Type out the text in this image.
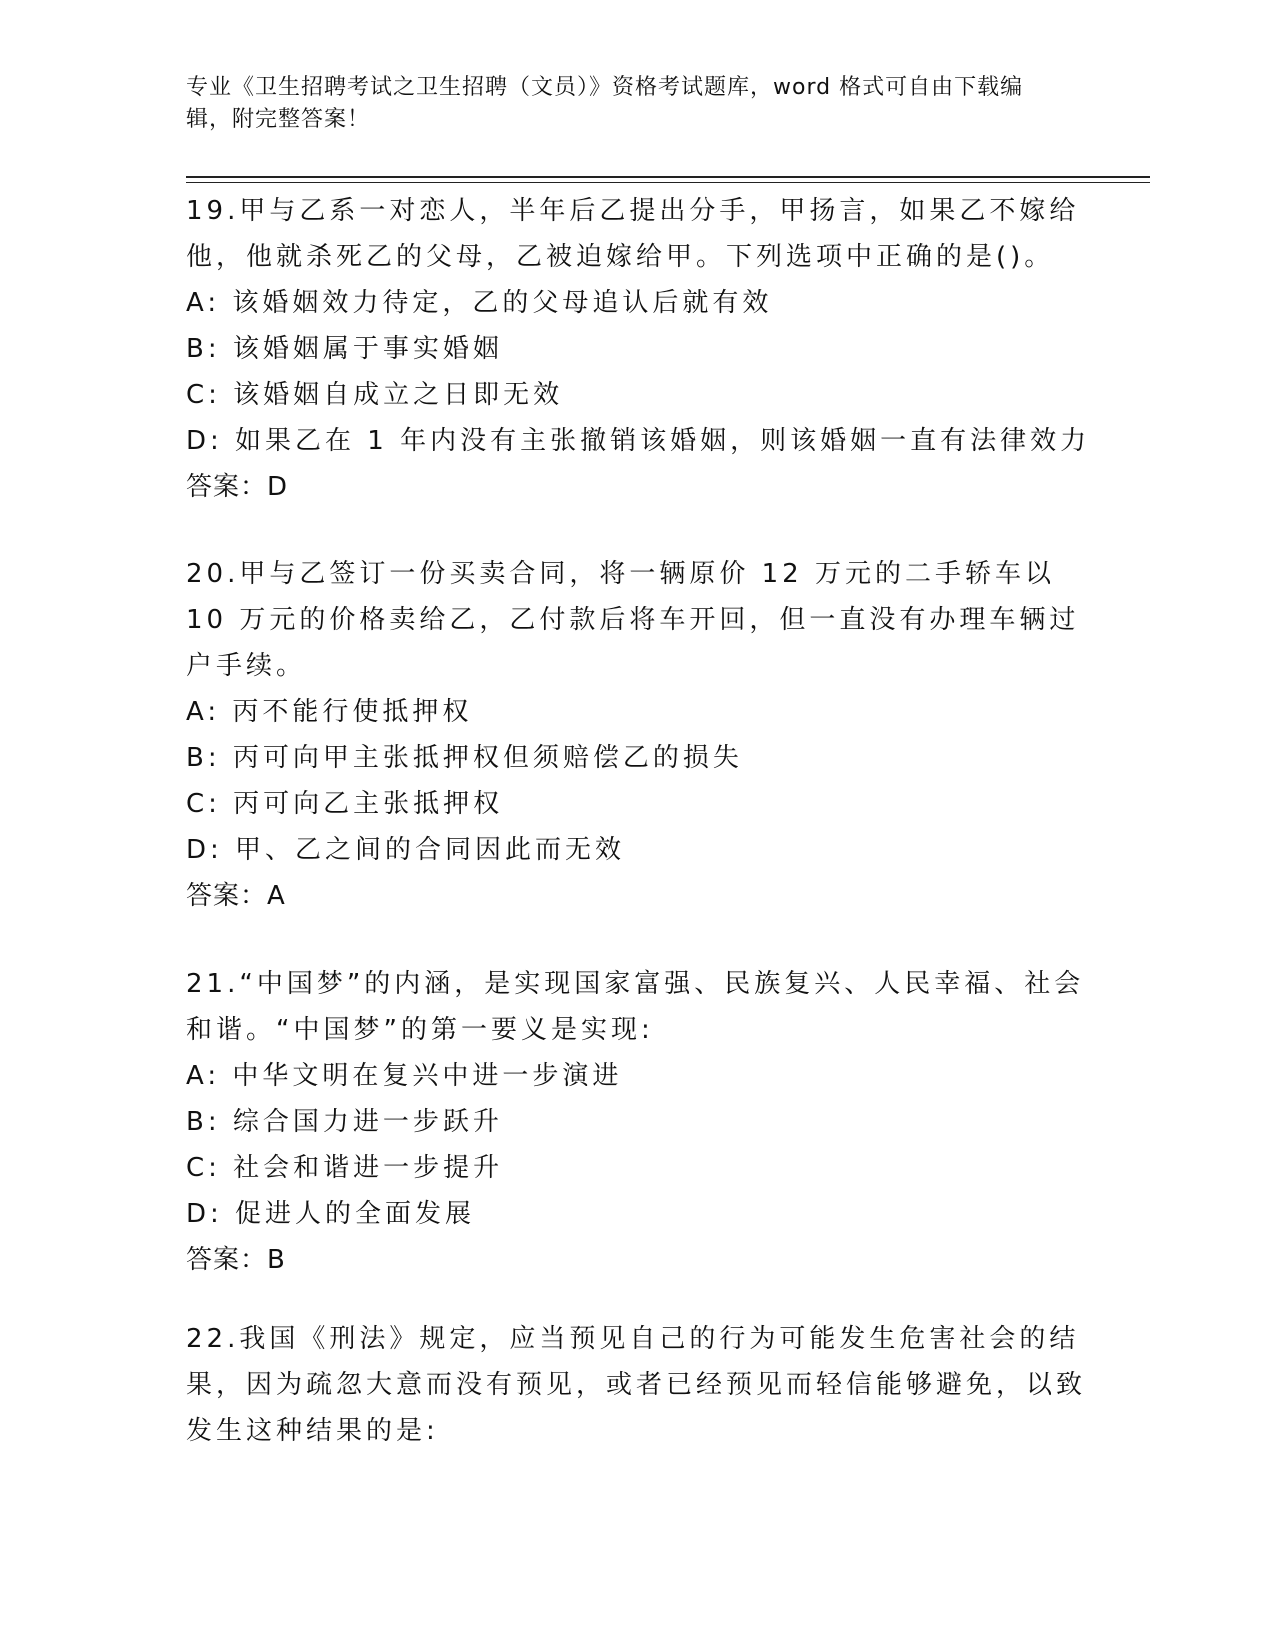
专业《卫生招聘考试之卫生招聘（文员）》资格考试题库，word 格式可自由下载编辑，附完整答案！

19.甲与乙系一对恋人，半年后乙提出分手，甲扬言，如果乙不嫁给他，他就杀死乙的父母，乙被迫嫁给甲。下列选项中正确的是()。

A: 该婚姻效力待定，乙的父母追认后就有效

B: 该婚姻属于事实婚姻

C: 该婚姻自成立之日即无效

D: 如果乙在 1 年内没有主张撤销该婚姻，则该婚姻一直有法律效力

答案：D

20.甲与乙签订一份买卖合同，将一辆原价 12 万元的二手轿车以 10 万元的价格卖给乙，乙付款后将车开回，但一直没有办理车辆过户手续。

A: 丙不能行使抵押权

B: 丙可向甲主张抵押权但须赔偿乙的损失

C: 丙可向乙主张抵押权

D: 甲、乙之间的合同因此而无效

答案：A

21.“中国梦”的内涵，是实现国家富强、民族复兴、人民幸福、社会和谐。“中国梦”的第一要义是实现:

A: 中华文明在复兴中进一步演进

B: 综合国力进一步跃升

C: 社会和谐进一步提升

D: 促进人的全面发展

答案：B

22.我国《刑法》规定，应当预见自己的行为可能发生危害社会的结果，因为疏忽大意而没有预见，或者已经预见而轻信能够避免，以致发生这种结果的是:
